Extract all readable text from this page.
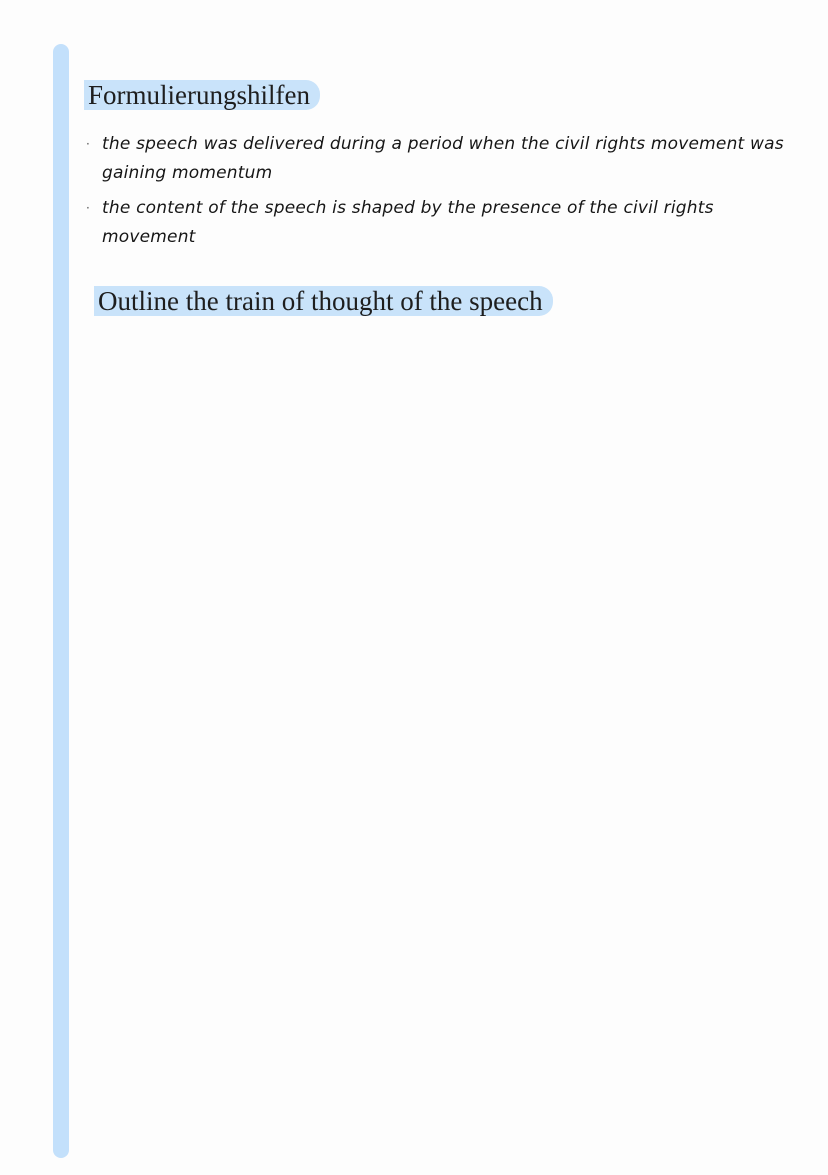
Formulierungshilfen
· the speech was delivered during a period when the civil rights movement was gaining momentum
· the content of the speech is shaped by the presence of the civil rights movement
Outline the train of thought of the speech
